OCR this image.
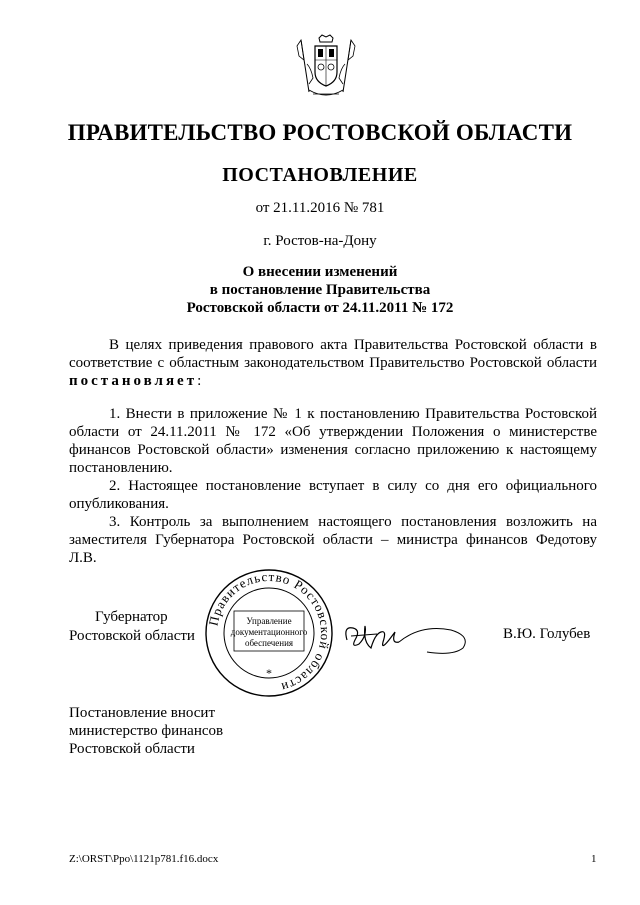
ПРАВИТЕЛЬСТВО РОСТОВСКОЙ ОБЛАСТИ
ПОСТАНОВЛЕНИЕ
от 21.11.2016 № 781
г. Ростов-на-Дону
О внесении изменений
в постановление Правительства
Ростовской области от 24.11.2011 № 172

В целях приведения правового акта Правительства Ростовской области в соответствие с областным законодательством Правительство Ростовской области постановляет:

1. Внести в приложение № 1 к постановлению Правительства Ростовской области от 24.11.2011 № 172 «Об утверждении Положения о министерстве финансов Ростовской области» изменения согласно приложению к настоящему постановлению.

2. Настоящее постановление вступает в силу со дня его официального опубликования.

3. Контроль за выполнением настоящего постановления возложить на заместителя Губернатора Ростовской области – министра финансов Федотову Л.В.

Губернатор
Ростовской области
Правительство Ростовской области
Управление
документационного
обеспечения
*
В.Ю. Голубев
Постановление вносит
министерство финансов
Ростовской области
Z:\ORST\Ppo\1121p781.f16.docx	1
